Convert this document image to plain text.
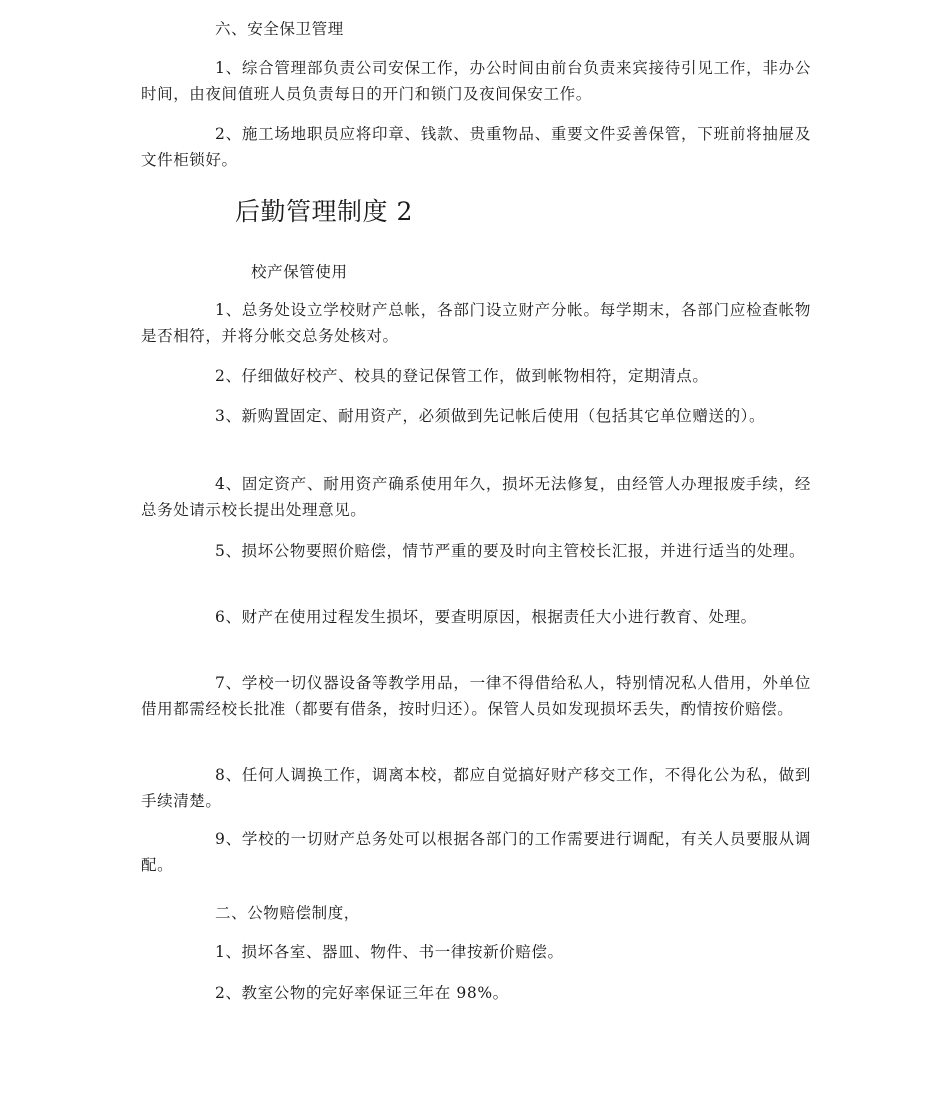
六、安全保卫管理
1、综合管理部负责公司安保工作，办公时间由前台负责来宾接待引见工作，非办公时间，由夜间值班人员负责每日的开门和锁门及夜间保安工作。
2、施工场地职员应将印章、钱款、贵重物品、重要文件妥善保管，下班前将抽屉及文件柜锁好。
后勤管理制度 2
校产保管使用
1、总务处设立学校财产总帐，各部门设立财产分帐。每学期末，各部门应检查帐物是否相符，并将分帐交总务处核对。
2、仔细做好校产、校具的登记保管工作，做到帐物相符，定期清点。
3、新购置固定、耐用资产，必须做到先记帐后使用（包括其它单位赠送的）。
4、固定资产、耐用资产确系使用年久，损坏无法修复，由经管人办理报废手续，经总务处请示校长提出处理意见。
5、损坏公物要照价赔偿，情节严重的要及时向主管校长汇报，并进行适当的处理。
6、财产在使用过程发生损坏，要查明原因，根据责任大小进行教育、处理。
7、学校一切仪器设备等教学用品，一律不得借给私人，特别情况私人借用，外单位借用都需经校长批准（都要有借条，按时归还）。保管人员如发现损坏丢失，酌情按价赔偿。
8、任何人调换工作，调离本校，都应自觉搞好财产移交工作，不得化公为私，做到手续清楚。
9、学校的一切财产总务处可以根据各部门的工作需要进行调配，有关人员要服从调配。
二、公物赔偿制度，
1、损坏各室、器皿、物件、书一律按新价赔偿。
2、教室公物的完好率保证三年在 98%。
